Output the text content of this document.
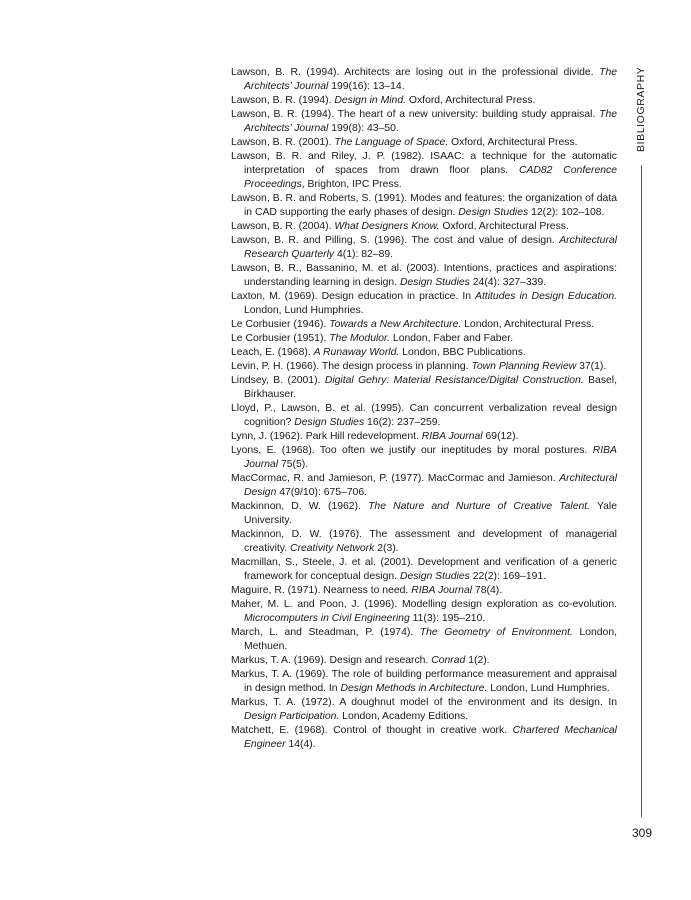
Lawson, B. R. (1994). Architects are losing out in the professional divide. The Architects’ Journal 199(16): 13–14.

Lawson, B. R. (1994). Design in Mind. Oxford, Architectural Press.

Lawson, B. R. (1994). The heart of a new university: building study appraisal. The Architects’ Journal 199(8): 43–50.

Lawson, B. R. (2001). The Language of Space. Oxford, Architectural Press.

Lawson, B. R. and Riley, J. P. (1982). ISAAC: a technique for the automatic interpretation of spaces from drawn floor plans. CAD82 Conference Proceedings, Brighton, IPC Press.

Lawson, B. R. and Roberts, S. (1991). Modes and features: the organization of data in CAD supporting the early phases of design. Design Studies 12(2): 102–108.

Lawson, B. R. (2004). What Designers Know. Oxford, Architectural Press.

Lawson, B. R. and Pilling, S. (1996). The cost and value of design. Architectural Research Quarterly 4(1): 82–89.

Lawson, B. R., Bassanino, M. et al. (2003). Intentions, practices and aspirations: understanding learning in design. Design Studies 24(4): 327–339.

Laxton, M. (1969). Design education in practice. In Attitudes in Design Education. London, Lund Humphries.

Le Corbusier (1946). Towards a New Architecture. London, Architectural Press.

Le Corbusier (1951). The Modulor. London, Faber and Faber.

Leach, E. (1968). A Runaway World. London, BBC Publications.

Levin, P. H. (1966). The design process in planning. Town Planning Review 37(1).

Lindsey, B. (2001). Digital Gehry: Material Resistance/Digital Construction. Basel, Birkhauser.

Lloyd, P., Lawson, B. et al. (1995). Can concurrent verbalization reveal design cognition? Design Studies 16(2): 237–259.

Lynn, J. (1962). Park Hill redevelopment. RIBA Journal 69(12).

Lyons, E. (1968). Too often we justify our ineptitudes by moral postures. RIBA Journal 75(5).

MacCormac, R. and Jamieson, P. (1977). MacCormac and Jamieson. Architectural Design 47(9/10): 675–706.

Mackinnon, D. W. (1962). The Nature and Nurture of Creative Talent. Yale University.

Mackinnon, D. W. (1976). The assessment and development of managerial creativity. Creativity Network 2(3).

Macmillan, S., Steele, J. et al. (2001). Development and verification of a generic framework for conceptual design. Design Studies 22(2): 169–191.

Maguire, R. (1971). Nearness to need. RIBA Journal 78(4).

Maher, M. L. and Poon, J. (1996). Modelling design exploration as co-evolution. Microcomputers in Civil Engineering 11(3): 195–210.

March, L. and Steadman, P. (1974). The Geometry of Environment. London, Methuen.

Markus, T. A. (1969). Design and research. Conrad 1(2).

Markus, T. A. (1969). The role of building performance measurement and appraisal in design method. In Design Methods in Architecture. London, Lund Humphries.

Markus, T. A. (1972). A doughnut model of the environment and its design. In Design Participation. London, Academy Editions.

Matchett, E. (1968). Control of thought in creative work. Chartered Mechanical Engineer 14(4).

BIBLIOGRAPHY
309
